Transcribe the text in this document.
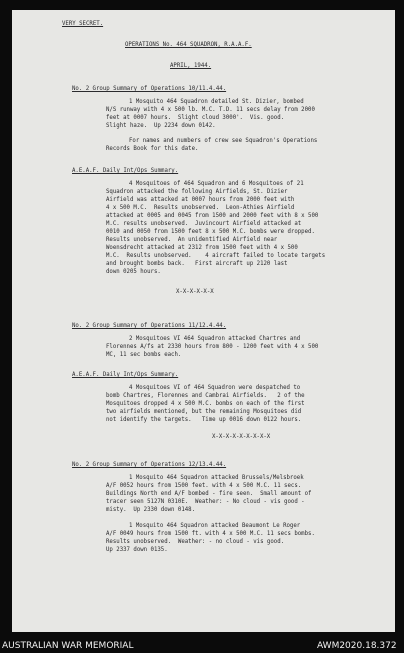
VERY SECRET.
OPERATIONS No. 464 SQUADRON, R.A.A.F.
APRIL, 1944.
No. 2 Group Summary of Operations 10/11.4.44.
1 Mosquito 464 Squadron detailed St. Dizier, bombed
N/S runway with 4 x 500 lb. M.C. T.D. 11 secs delay from 2000
feet at 0007 hours.  Slight cloud 3000'.  Vis. good.
Slight haze.  Up 2234 down 0142.
For names and numbers of crew see Squadron's Operations
Records Book for this date.
A.E.A.F. Daily Int/Ops Summary.
4 Mosquitoes of 464 Squadron and 6 Mosquitoes of 21
Squadron attacked the following Airfields, St. Dizier
Airfield was attacked at 0007 hours from 2000 feet with
4 x 500 M.C.  Results unobserved.  Leon-Athies Airfield
attacked at 0005 and 0045 from 1500 and 2000 feet with 8 x 500
M.C. results unobserved.  Juvincourt Airfield attacked at
0010 and 0050 from 1500 feet 8 x 500 M.C. bombs were dropped.
Results unobserved.  An unidentified Airfield near
Woensdrecht attacked at 2312 from 1500 feet with 4 x 500
M.C.  Results unobserved.    4 aircraft failed to locate targets
and brought bombs back.   First aircraft up 2120 last
down 0205 hours.
X-X-X-X-X-X
No. 2 Group Summary of Operations 11/12.4.44.
2 Mosquitoes VI 464 Squadron attacked Chartres and
Florennes A/fs at 2330 hours from 800 - 1200 feet with 4 x 500
MC, 11 sec bombs each.
A.E.A.F. Daily Int/Ops Summary.
4 Mosquitoes VI of 464 Squadron were despatched to
bomb Chartres, Florennes and Cambrai Airfields.   2 of the
Mosquitoes dropped 4 x 500 M.C. bombs on each of the first
two airfields mentioned, but the remaining Mosquitoes did
not identify the targets.   Time up 0016 down 0122 hours.
X-X-X-X-X-X-X-X-X
No. 2 Group Summary of Operations 12/13.4.44.
1 Mosquito 464 Squadron attacked Brussels/Melsbroek
A/F 0052 hours from 1500 feet. with 4 x 500 M.C. 11 secs.
Buildings North end A/F bombed - fire seen.  Small amount of
tracer seen 5127N 0310E.  Weather: - No cloud - vis good -
misty.  Up 2330 down 0148.
1 Mosquito 464 Squadron attacked Beaumont Le Roger
A/F 0049 hours from 1500 ft. with 4 x 500 M.C. 11 secs bombs.
Results unobserved.  Weather: - no cloud - vis good.
Up 2337 down 0135.
AUSTRALIAN WAR MEMORIAL	AWM2020.18.372
